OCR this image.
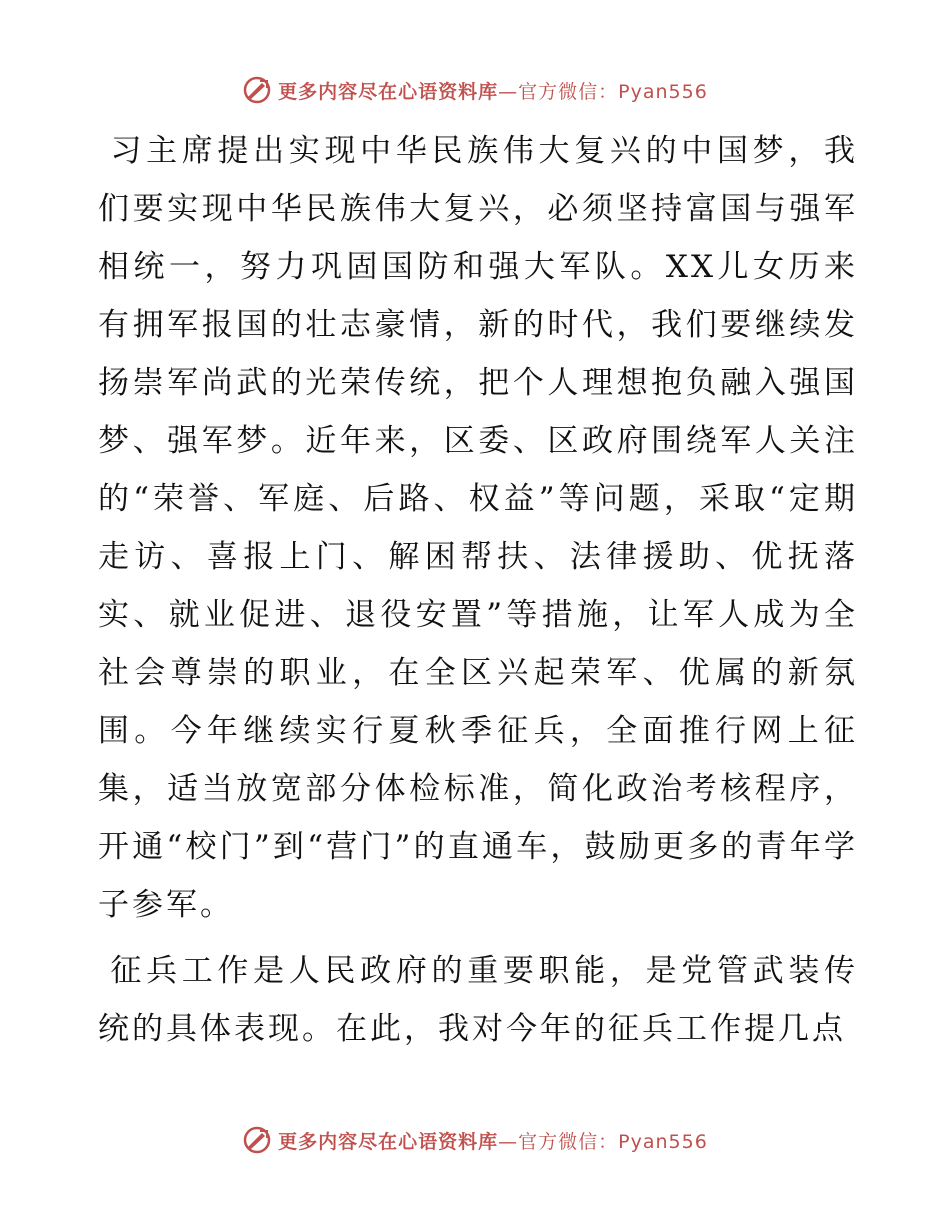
更多内容尽在心语资料库 —官方微信：Pyan556

习主席提出实现中华民族伟大复兴的中国梦，我们要实现中华民族伟大复兴，必须坚持富国与强军相统一，努力巩固国防和强大军队。XX儿女历来有拥军报国的壮志豪情，新的时代，我们要继续发扬崇军尚武的光荣传统，把个人理想抱负融入强国梦、强军梦。近年来，区委、区政府围绕军人关注的“荣誉、军庭、后路、权益”等问题，采取“定期走访、喜报上门、解困帮扶、法律援助、优抚落实、就业促进、退役安置”等措施，让军人成为全社会尊崇的职业，在全区兴起荣军、优属的新氛围。今年继续实行夏秋季征兵，全面推行网上征集，适当放宽部分体检标准，简化政治考核程序，开通“校门”到“营门”的直通车，鼓励更多的青年学子参军。

征兵工作是人民政府的重要职能，是党管武装传统的具体表现。在此，我对今年的征兵工作提几点

更多内容尽在心语资料库 —官方微信：Pyan556
